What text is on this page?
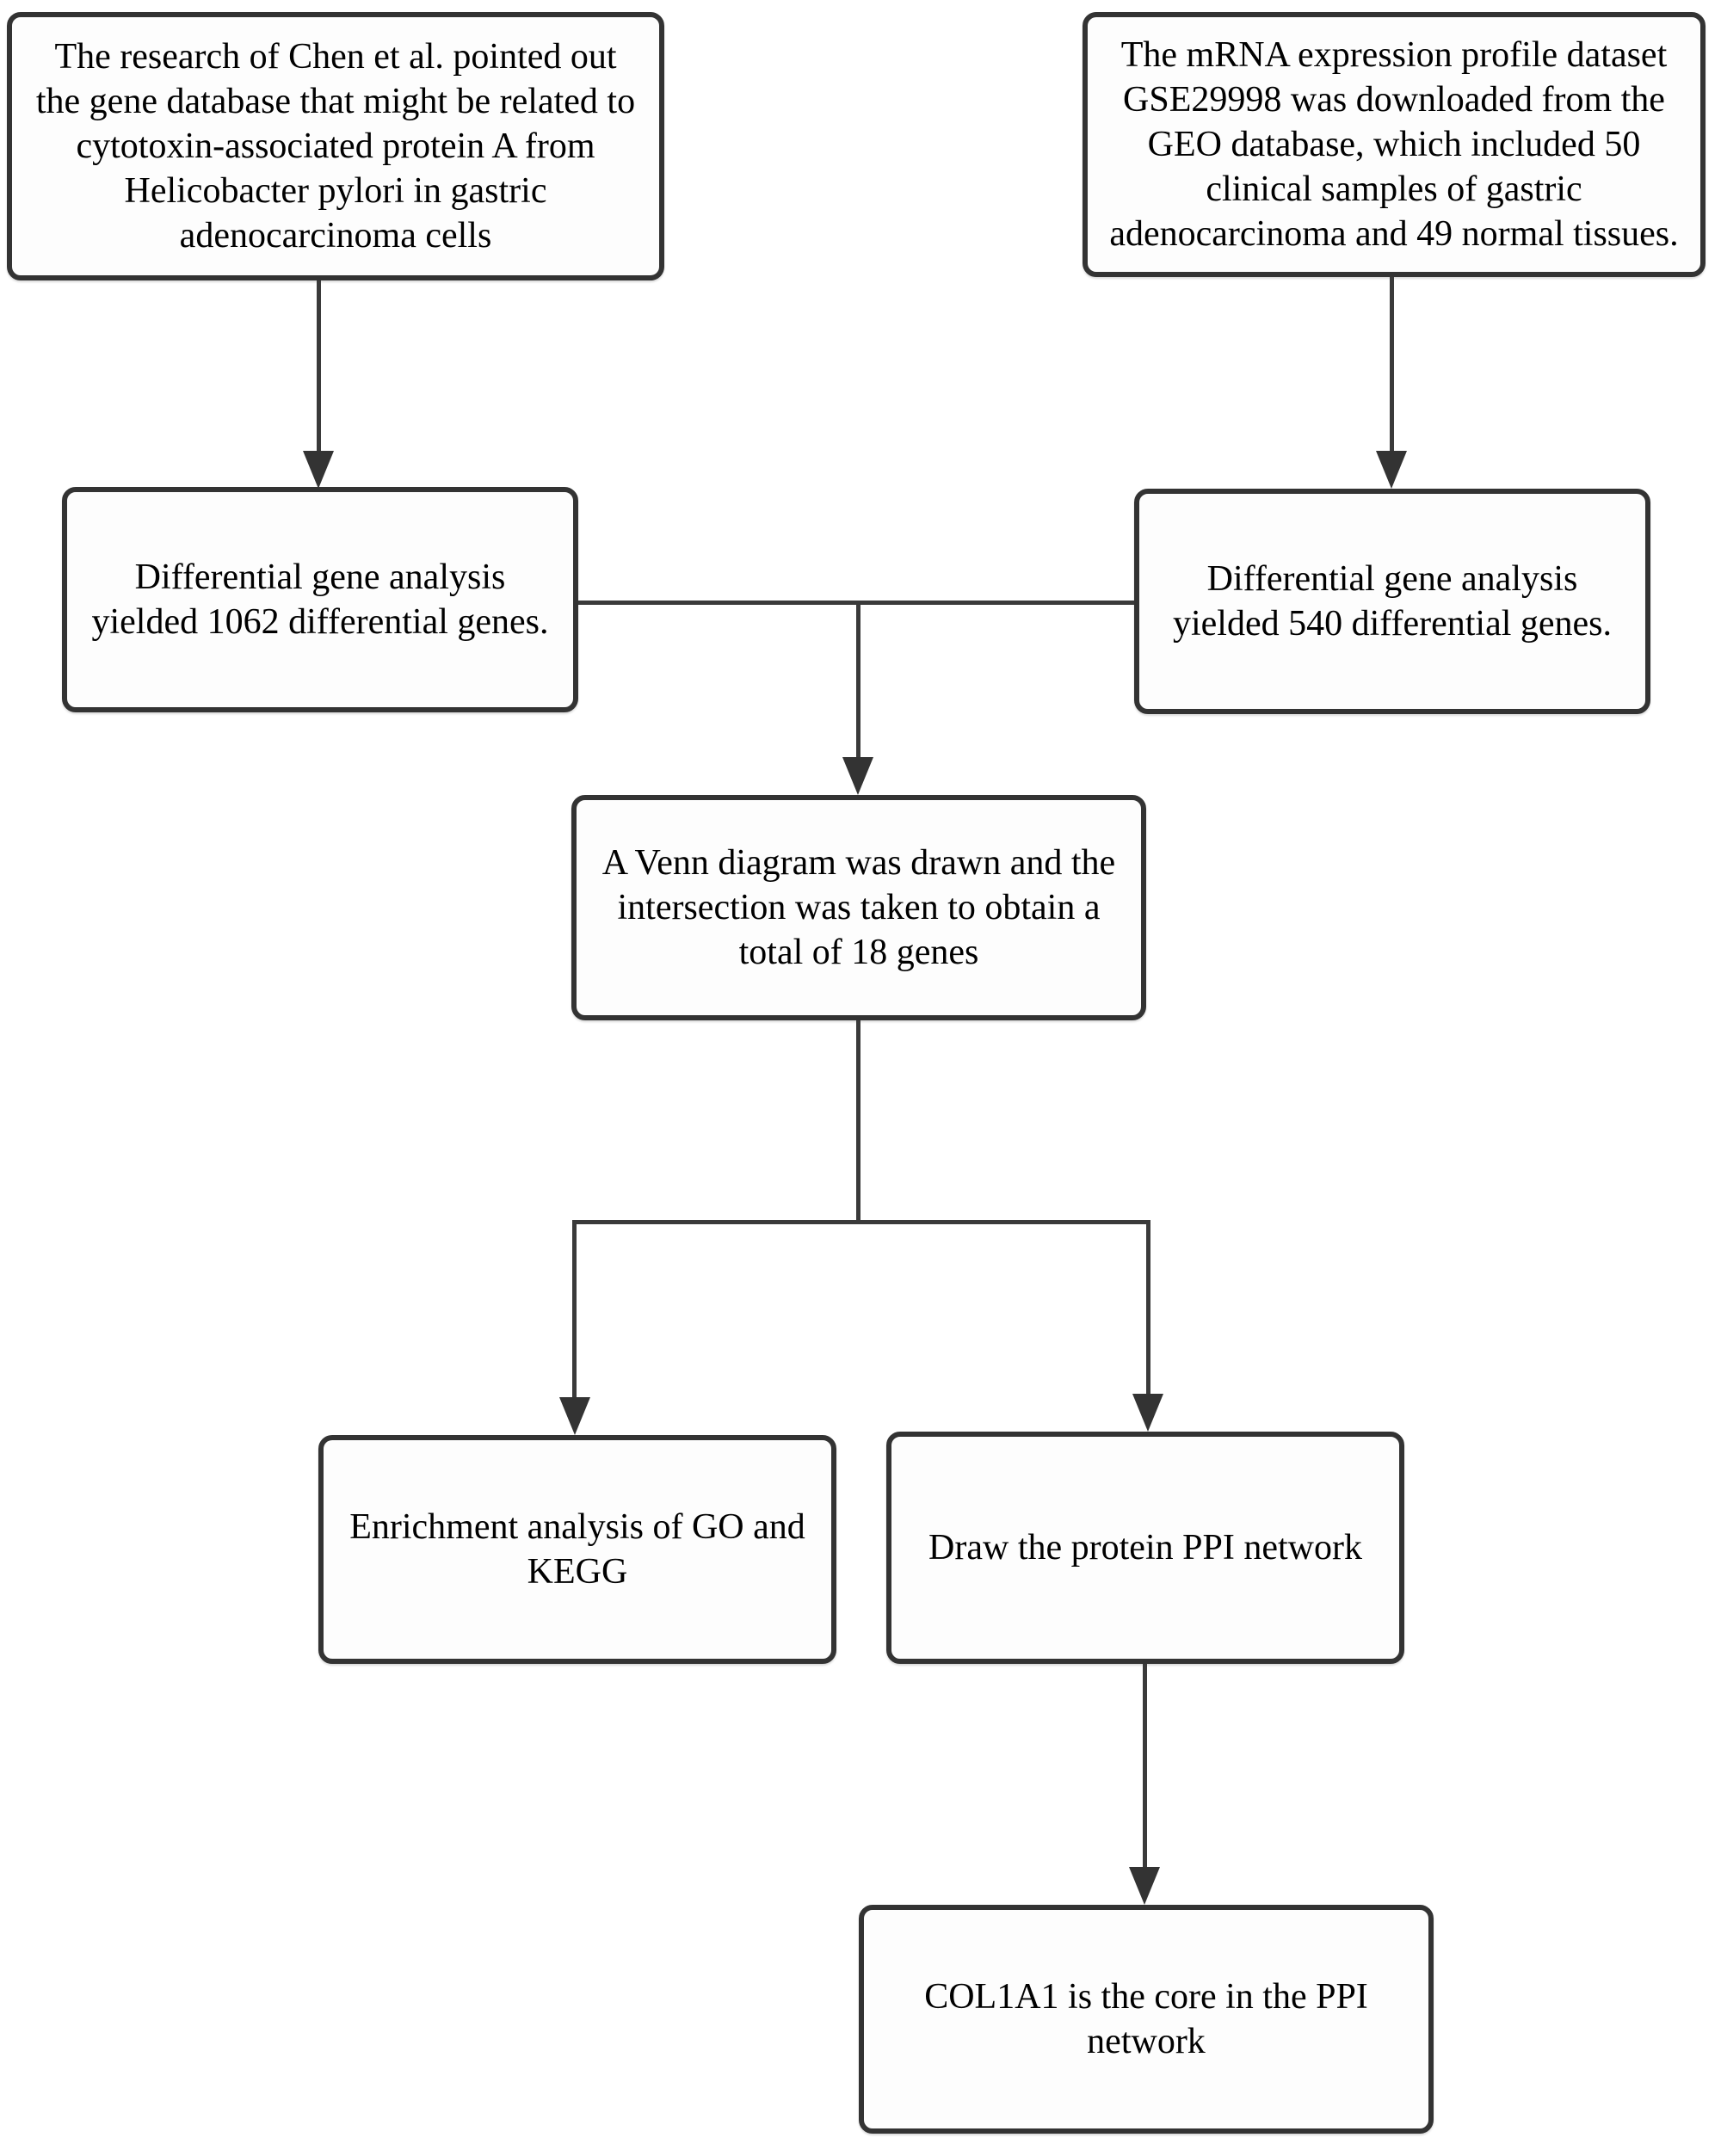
The research of Chen et al. pointed out
the gene database that might be related to
cytotoxin-associated protein A from
Helicobacter pylori in gastric
adenocarcinoma cells
The mRNA expression profile dataset
GSE29998 was downloaded from the
GEO database, which included 50
clinical samples of gastric
adenocarcinoma and 49 normal tissues.
Differential gene analysis
yielded 1062 differential genes.
Differential gene analysis
yielded 540 differential genes.
A Venn diagram was drawn and the
intersection was taken to obtain a
total of 18 genes
Enrichment analysis of GO and
KEGG
Draw the protein PPI network
COL1A1 is the core in the PPI
network
